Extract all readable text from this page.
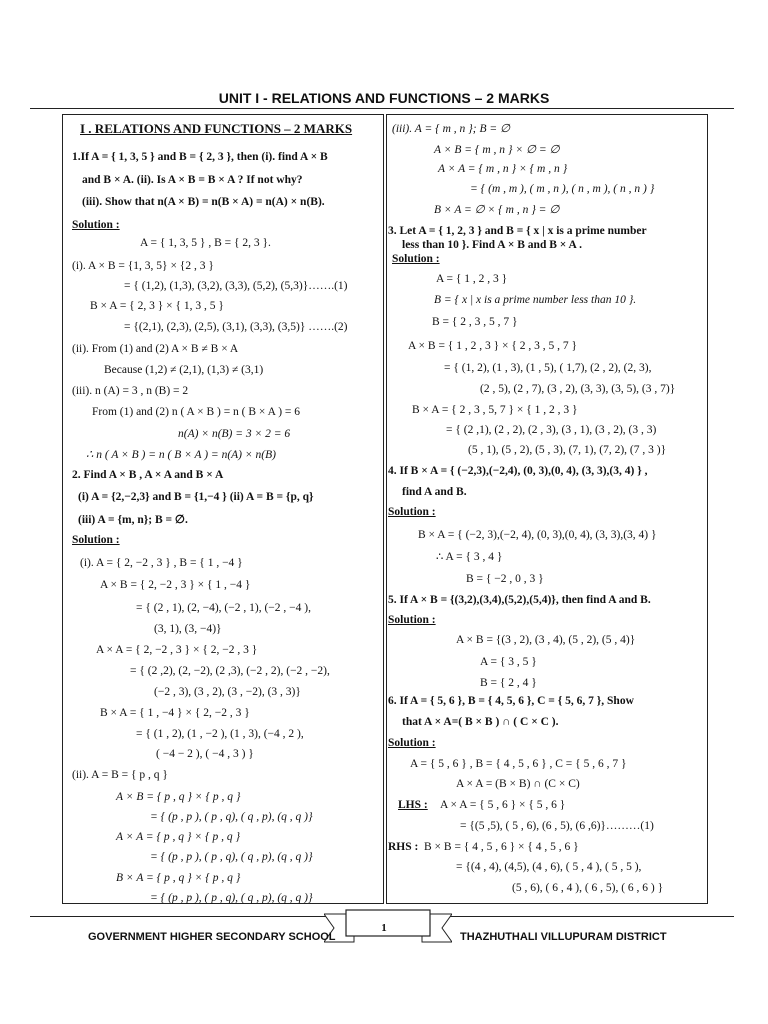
UNIT I - RELATIONS AND FUNCTIONS – 2 MARKS
I . RELATIONS AND FUNCTIONS – 2 MARKS
1.If A = { 1, 3, 5 } and B = { 2, 3 }, then (i). find A × B
and B × A. (ii). Is A × B = B × A ? If not why?
(iii). Show that n(A × B) = n(B × A) = n(A) × n(B).
Solution :
A = { 1, 3, 5 } , B = { 2, 3 }.
(i). A × B = {1, 3, 5} × {2 , 3 }
= { (1,2), (1,3), (3,2), (3,3), (5,2), (5,3)}…….(1)
B × A = { 2, 3 } × { 1, 3 , 5 }
= {(2,1), (2,3), (2,5), (3,1), (3,3), (3,5)} …….(2)
(ii). From (1) and (2) A × B ≠ B × A
Because (1,2) ≠ (2,1), (1,3) ≠ (3,1)
(iii). n (A) = 3 , n (B) = 2
From (1) and (2) n ( A × B ) = n ( B × A ) = 6
n(A) × n(B) = 3 × 2 = 6
∴ n ( A × B ) = n ( B × A ) = n(A) × n(B)
2. Find A × B , A × A and B × A
(i) A = {2,−2,3} and B = {1,−4 } (ii) A = B = {p, q}
(iii) A = {m, n}; B = ∅.
Solution :
(i). A = { 2, −2 , 3 } , B = { 1 , −4 }
A × B = { 2, −2 , 3 } × { 1 , −4 }
= { (2 , 1), (2, −4), (−2 , 1), (−2 , −4 ),
(3, 1), (3, −4)}
A × A = { 2, −2 , 3 } × { 2, −2 , 3 }
= { (2 ,2), (2, −2), (2 ,3), (−2 , 2), (−2 , −2),
(−2 , 3), (3 , 2), (3 , −2), (3 , 3)}
B × A = { 1 , −4 } × { 2, −2 , 3 }
= { (1 , 2), (1 , −2 ), (1 , 3), (−4 , 2 ),
( −4 − 2 ), ( −4 , 3 ) }
(ii). A = B = { p , q }
A × B = { p , q } × { p , q }
= { (p , p ), ( p , q), ( q , p), (q , q )}
A × A = { p , q } × { p , q }
= { (p , p ), ( p , q), ( q , p), (q , q )}
B × A = { p , q } × { p , q }
= { (p , p ), ( p , q), ( q , p), (q , q )}
(iii). A = { m , n }; B = ∅
A × B = { m , n } × ∅ = ∅
A × A = { m , n } × { m , n }
= { (m , m ), ( m , n ), ( n , m ), ( n , n ) }
B × A = ∅ × { m , n } = ∅
3. Let A = { 1, 2, 3 } and B = { x | x is a prime number
less than 10 }. Find A × B and B × A .
Solution :
A = { 1 , 2 , 3 }
B = { x | x is a prime number less than 10 }.
B = { 2 , 3 , 5 , 7 }
A × B = { 1 , 2 , 3 } × { 2 , 3 , 5 , 7 }
= { (1, 2), (1 , 3), (1 , 5), ( 1,7), (2 , 2), (2, 3),
(2 , 5), (2 , 7), (3 , 2), (3, 3), (3, 5), (3 , 7)}
B × A = { 2 , 3 , 5, 7 } × { 1 , 2 , 3 }
= { (2 ,1), (2 , 2), (2 , 3), (3 , 1), (3 , 2), (3 , 3)
(5 , 1), (5 , 2), (5 , 3), (7, 1), (7, 2), (7 , 3 )}
4. If B × A = { (−2,3),(−2,4), (0, 3),(0, 4), (3, 3),(3, 4) } ,
find A and B.
Solution :
B × A = { (−2, 3),(−2, 4), (0, 3),(0, 4), (3, 3),(3, 4) }
∴ A = { 3 , 4 }
B = { −2 , 0 , 3 }
5. If A × B = {(3,2),(3,4),(5,2),(5,4)}, then find A and B.
Solution :
A × B = {(3 , 2), (3 , 4), (5 , 2), (5 , 4)}
A = { 3 , 5 }
B = { 2 , 4 }
6. If A = { 5, 6 }, B = { 4, 5, 6 }, C = { 5, 6, 7 }, Show
that A × A=( B × B ) ∩ ( C × C ).
Solution :
A = { 5 , 6 } , B = { 4 , 5 , 6 } , C = { 5 , 6 , 7 }
A × A = (B × B) ∩ (C × C)
LHS : A × A = { 5 , 6 } × { 5 , 6 }
= {(5 ,5), ( 5 , 6), (6 , 5), (6 ,6)}………(1)
RHS : B × B = { 4 , 5 , 6 } × { 4 , 5 , 6 }
= {(4 , 4), (4,5), (4 , 6), ( 5 , 4 ), ( 5 , 5 ),
(5 , 6), ( 6 , 4 ), ( 6 , 5), ( 6 , 6 ) }
1
GOVERNMENT HIGHER SECONDARY SCHOOL	THAZHUTHALI VILLUPURAM DISTRICT
